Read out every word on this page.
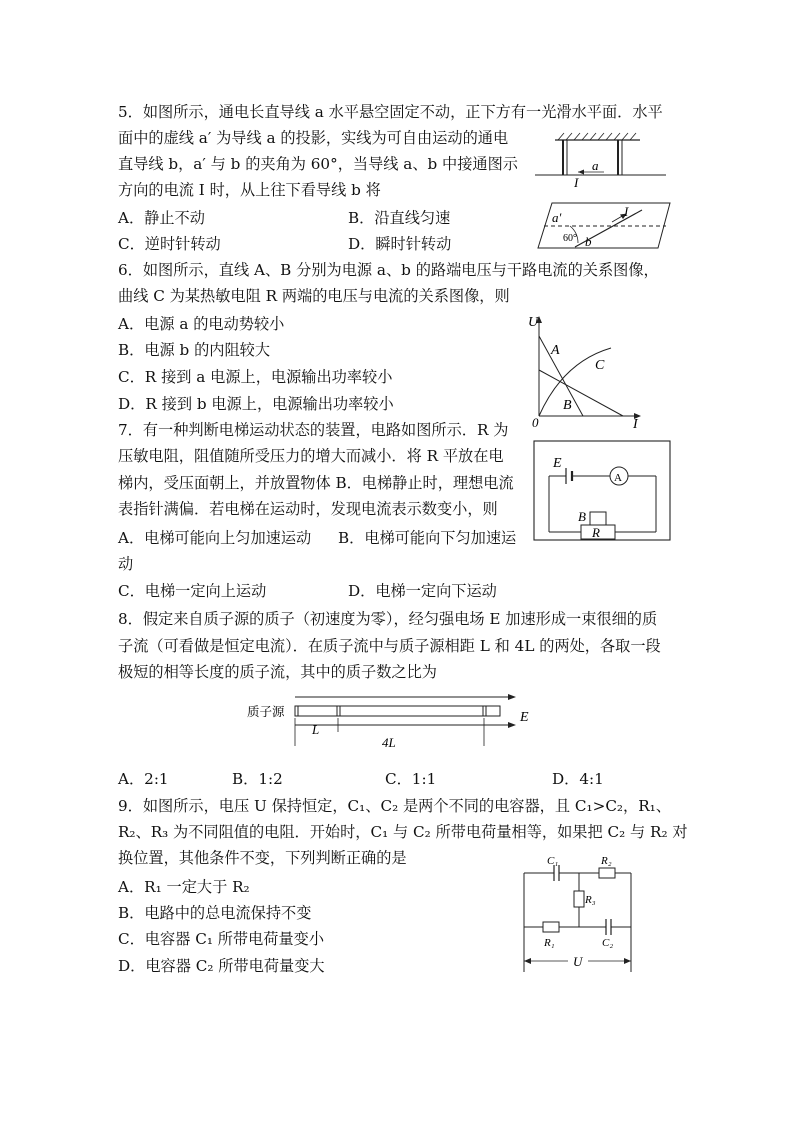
5．如图所示，通电长直导线 a 水平悬空固定不动，正下方有一光滑水平面．水平
面中的虚线 a′ 为导线 a 的投影，实线为可自由运动的通电
直导线 b，a′ 与 b 的夹角为 60°，当导线 a、b 中接通图示
方向的电流 I 时，从上往下看导线 b 将
A．静止不动	B．沿直线匀速
C．逆时针转动	D．瞬时针转动
a
I
a′	I
60° b
6．如图所示，直线 A、B 分别为电源 a、b 的路端电压与干路电流的关系图像，
曲线 C 为某热敏电阻 R 两端的电压与电流的关系图像，则
A．电源 a 的电动势较小
B．电源 b 的内阻较大
C．R 接到 a 电源上，电源输出功率较小
D．R 接到 b 电源上，电源输出功率较小
U
I
0
A
B
C
7．有一种判断电梯运动状态的装置，电路如图所示．R 为
压敏电阻，阻值随所受压力的增大而减小．将 R 平放在电
梯内，受压面朝上，并放置物体 B．电梯静止时，理想电流
表指针满偏．若电梯在运动时，发现电流表示数变小，则
A．电梯可能向上匀加速运动 B．电梯可能向下匀加速运
动
C．电梯一定向上运动	D．电梯一定向下运动
E
A
B
R
8．假定来自质子源的质子（初速度为零），经匀强电场 E 加速形成一束很细的质
子流（可看做是恒定电流）．在质子流中与质子源相距 L 和 4L 的两处，各取一段
极短的相等长度的质子流，其中的质子数之比为
质子源	E
L
4L
A．2:1	B．1:2	C．1:1	D．4:1
9．如图所示，电压 U 保持恒定，C₁、C₂ 是两个不同的电容器，且 C₁>C₂，R₁、
R₂、R₃ 为不同阻值的电阻．开始时，C₁ 与 C₂ 所带电荷量相等，如果把 C₂ 与 R₂ 对
换位置，其他条件不变，下列判断正确的是
A．R₁ 一定大于 R₂
B．电路中的总电流保持不变
C．电容器 C₁ 所带电荷量变小
D．电容器 C₂ 所带电荷量变大
C₁	R₂
R₃
R₁	C₂
U
